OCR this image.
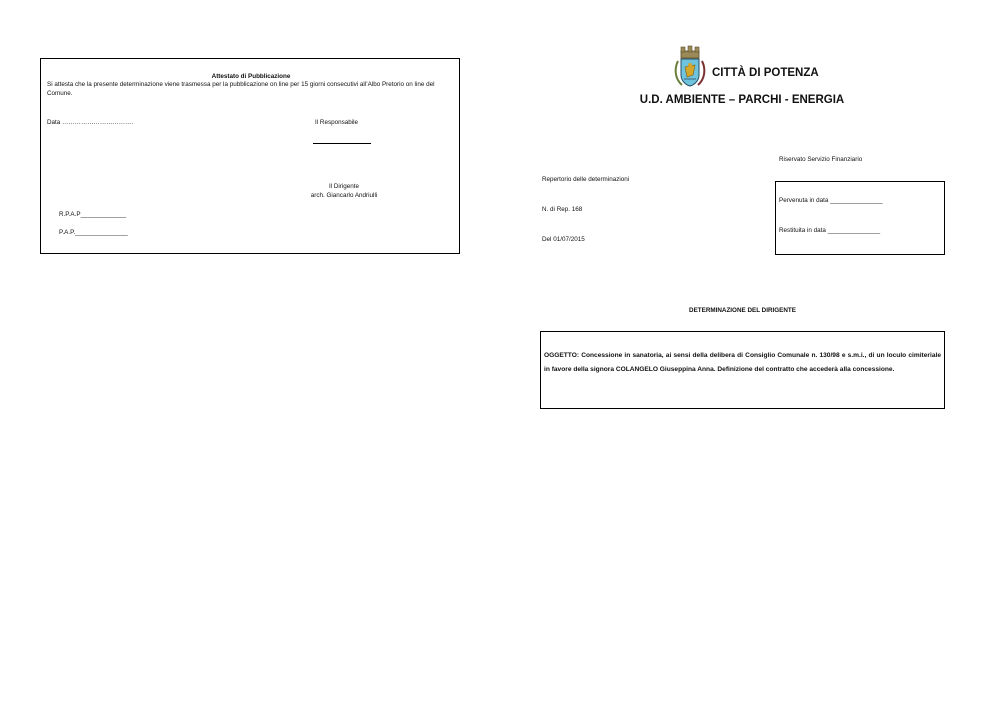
Attestato di Pubblicazione
Si attesta che la presente determinazione viene trasmessa per la pubblicazione on line per 15 giorni consecutivi all’Albo Pretorio on line del Comune.
Data …………………………….	Il Responsabile
Il Dirigente
arch. Giancarlo Andriulli
R.P.A.P_____________
P.A.P._______________
CITTÀ DI POTENZA
U.D. AMBIENTE – PARCHI - ENERGIA
Riservato Servizio Finanziario
Repertorio delle determinazioni
N. di Rep. 168
Del 01/07/2015
Pervenuta in data _______________
Restituita in data _______________
DETERMINAZIONE DEL DIRIGENTE
OGGETTO: Concessione in sanatoria, ai sensi della delibera di Consiglio Comunale n. 130/98 e s.m.i., di un loculo cimiteriale in favore della signora COLANGELO Giuseppina Anna. Definizione del contratto che accederà alla concessione.
